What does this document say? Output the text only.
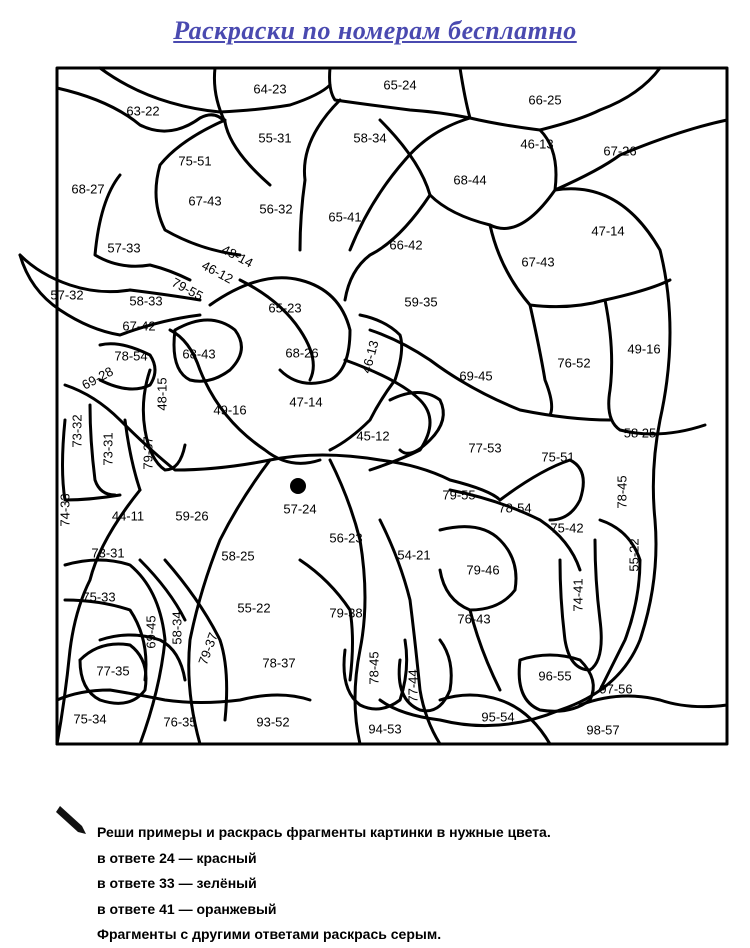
Раскраски по номерам бесплатно
63-22
64-23	65-24
66-25
55-31	58-34	46-13	67-26
75-51
68-27
68-44
67-43
56-32
65-41
47-14
57-33	48-14	66-42
67-43
46-12
79-55
57-32	58-33	59-35
65-23
67-42
46-13	49-16
78-54	68-43	68-26
76-52
69-28	69-45
48-15	49-16
47-14
73-32	45-12	58 25
73-31 79-37	77-53
75-51
78-45
74-33	79-55
57-24	78-54
44-11 59-26
56-23
75-42
55-22
73-31	58-25	54-21
79-46
74-41
75-33
55-22	79-38	76-43
69-45 58-34
79-37
77-35
78-37	78-45
77-44	96-55
97-56
75-34	76-35	93-52	94-53
95-54
98-57
Реши примеры и раскрась фрагменты картинки в нужные цвета.
в ответе 24 — красный
в ответе 33 — зелёный
в ответе 41 — оранжевый
Фрагменты с другими ответами раскрась серым.
